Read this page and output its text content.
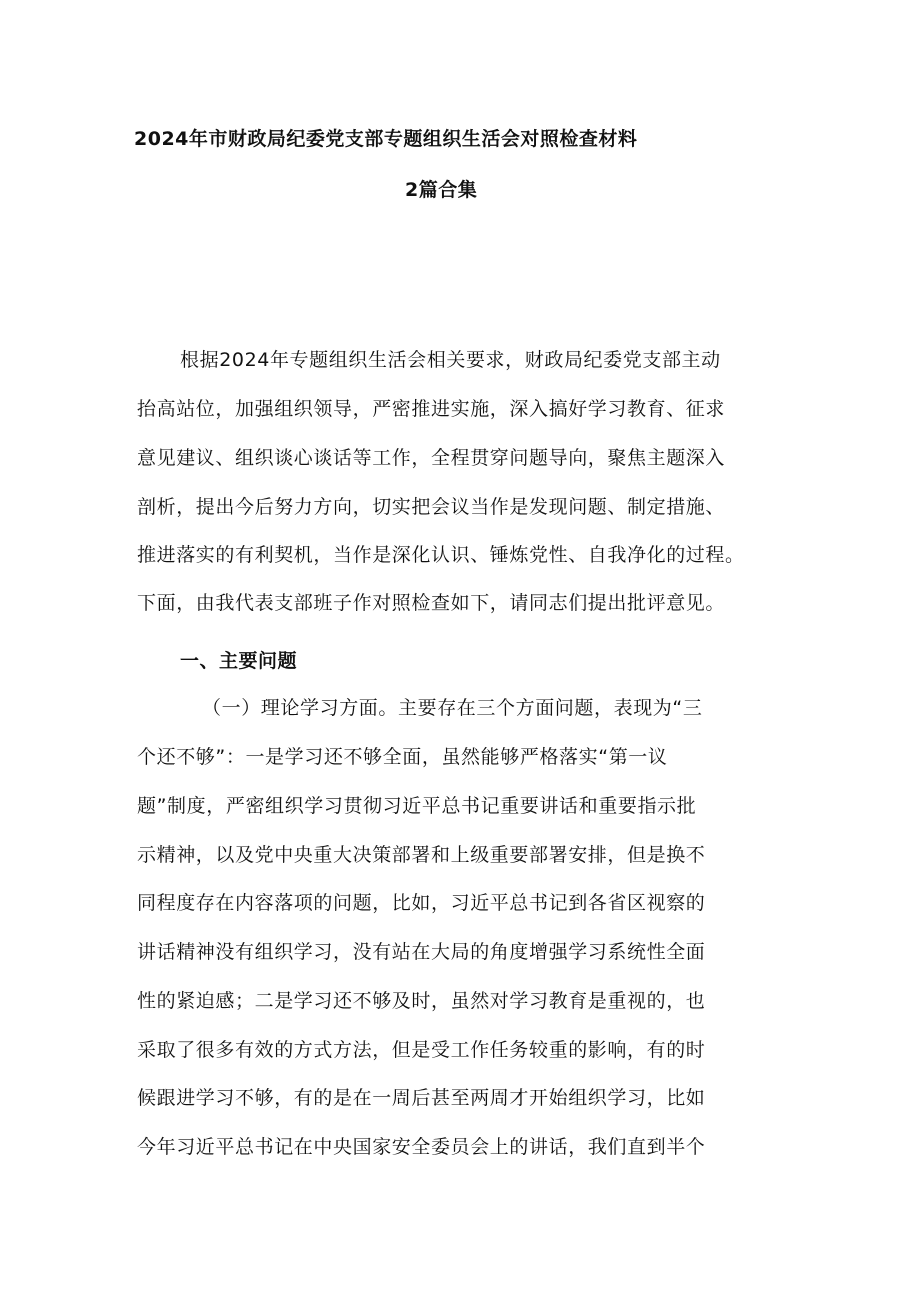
2024年市财政局纪委党支部专题组织生活会对照检查材料
2篇合集
根据2024年专题组织生活会相关要求，财政局纪委党支部主动
抬高站位，加强组织领导，严密推进实施，深入搞好学习教育、征求
意见建议、组织谈心谈话等工作，全程贯穿问题导向，聚焦主题深入
剖析，提出今后努力方向，切实把会议当作是发现问题、制定措施、
推进落实的有利契机，当作是深化认识、锤炼党性、自我净化的过程。
下面，由我代表支部班子作对照检查如下，请同志们提出批评意见。
一、主要问题
（一）理论学习方面。主要存在三个方面问题，表现为“三
个还不够”：一是学习还不够全面，虽然能够严格落实“第一议
题”制度，严密组织学习贯彻习近平总书记重要讲话和重要指示批
示精神，以及党中央重大决策部署和上级重要部署安排，但是换不
同程度存在内容落项的问题，比如，习近平总书记到各省区视察的
讲话精神没有组织学习，没有站在大局的角度增强学习系统性全面
性的紧迫感；二是学习还不够及时，虽然对学习教育是重视的，也
采取了很多有效的方式方法，但是受工作任务较重的影响，有的时
候跟进学习不够，有的是在一周后甚至两周才开始组织学习，比如
今年习近平总书记在中央国家安全委员会上的讲话，我们直到半个
